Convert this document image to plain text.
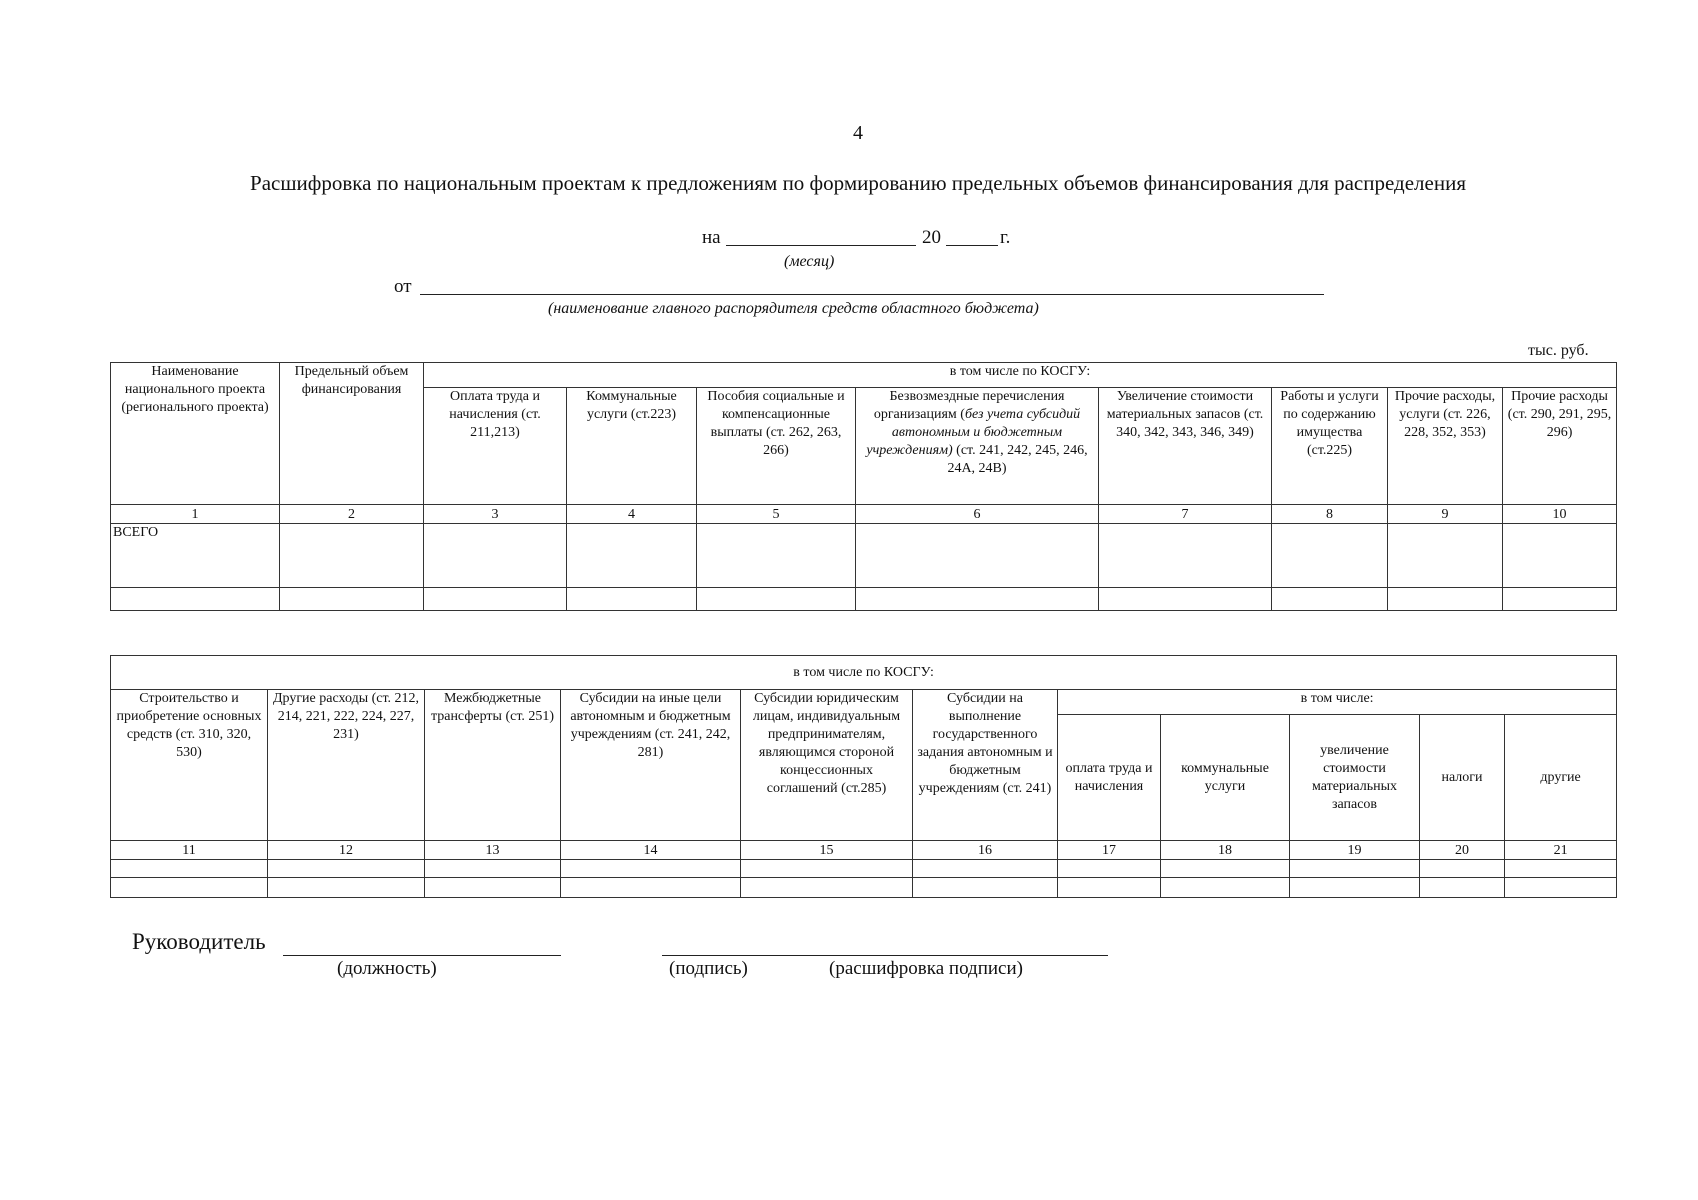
4
Расшифровка по национальным проектам к предложениям по формированию предельных объемов финансирования для распределения
на	20	г.
(месяц)
от
(наименование главного распорядителя средств областного бюджета)
тыс. руб.
Наименование национального проекта (регионального проекта)	Предельный объем финансирования	в том числе по КОСГУ:							
		Оплата труда и начисления (ст. 211,213)	Коммунальные услуги (ст.223)	Пособия социальные и компенсационные выплаты (ст. 262, 263, 266)	Безвозмездные перечисления организациям (без учета субсидий автономным и бюджетным учреждениям) (ст. 241, 242, 245, 246, 24А, 24В)	Увеличение стоимости материальных запасов (ст. 340, 342, 343, 346, 349)	Работы и услуги по содержанию имущества (ст.225)	Прочие расходы, услуги (ст. 226, 228, 352, 353)	Прочие расходы (ст. 290, 291, 295, 296)
1	2	3	4	5	6	7	8	9	10
ВСЕГО									

в том числе по КОСГУ:										
Строительство и приобретение основных средств (ст. 310, 320, 530)	Другие расходы (ст. 212, 214, 221, 222, 224, 227, 231)	Межбюджетные трансферты (ст. 251)	Субсидии на иные цели автономным и бюджетным учреждениям (ст. 241, 242, 281)	Субсидии юридическим лицам, индивидуальным предпринимателям, являющимся стороной концессионных соглашений (ст.285)	Субсидии на выполнение государственного задания автономным и бюджетным учреждениям (ст. 241)	в том числе:				
						оплата труда и начисления	коммунальные услуги	увеличение стоимости материальных запасов	налоги	другие
11	12	13	14	15	16	17	18	19	20	21

Руководитель
(должность)	(подпись)	(расшифровка подписи)
